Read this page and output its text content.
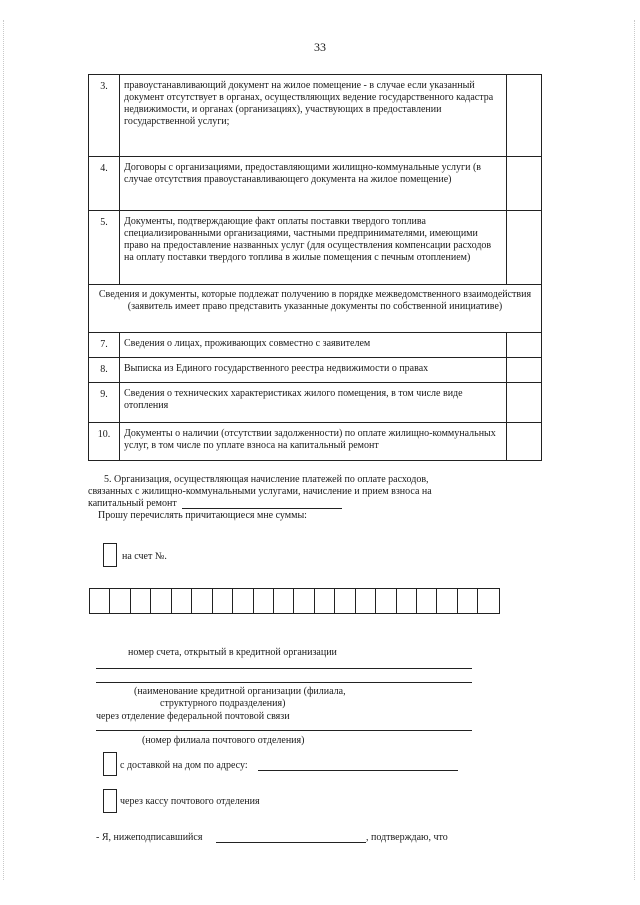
33
3.	правоустанавливающий документ на жилое помещение - в случае если указанный документ отсутствует в органах, осуществляющих ведение государственного кадастра недвижимости, и органах (организациях), участвующих в предоставлении государственной услуги;	
4.	Договоры с организациями, предоставляющими жилищно-коммунальные услуги (в случае отсутствия правоустанавливающего документа на жилое помещение)	
5.	Документы, подтверждающие факт оплаты поставки твердого топлива специализированными организациями, частными предпринимателями, имеющими право на предоставление названных услуг (для осуществления компенсации расходов на оплату поставки твердого топлива в жилые помещения с печным отоплением)	
Сведения и документы, которые подлежат получению в порядке межведомственного взаимодействия (заявитель имеет право представить указанные документы по собственной инициативе)		
7.	Сведения о лицах, проживающих совместно с заявителем	
8.	Выписка из Единого государственного реестра недвижимости о правах	
9.	Сведения о технических характеристиках жилого помещения, в том числе виде отопления	
10.	Документы о наличии (отсутствии задолженности) по оплате жилищно-коммунальных услуг, в том числе по уплате взноса на капитальный ремонт	
5. Организация, осуществляющая начисление платежей по оплате расходов,
связанных с жилищно-коммунальными услугами, начисление и прием взноса на
капитальный ремонт
Прошу перечислять причитающиеся мне суммы:
на счет №.
номер счета, открытый в кредитной организации
(наименование кредитной организации (филиала,
структурного подразделения)
через отделение федеральной почтовой связи
(номер филиала почтового отделения)
с доставкой на дом по адресу:
через кассу почтового отделения
- Я, нижеподписавшийся	, подтверждаю, что
